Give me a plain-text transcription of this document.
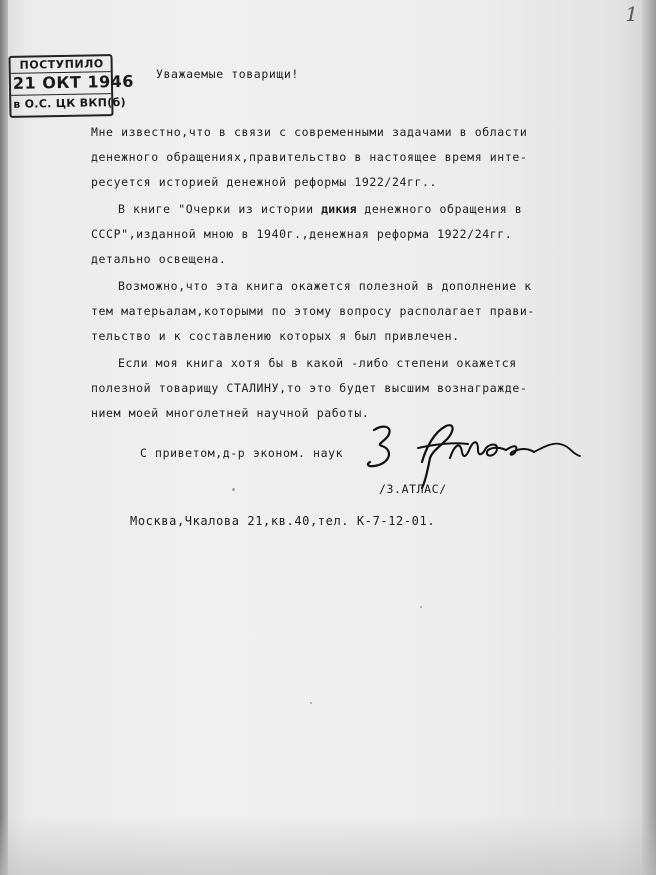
1
ПОСТУПИЛО
21 ОКТ 1946
в О.С. ЦК ВКП(б)
Уважаемые товарищи!
Мне известно,что в связи с современными задачами в области
денежного обращениях,правительство в настоящее время инте-
ресуется историей денежной реформы 1922/24гг..
В книге "Очерки из истории дикия денежного обращения в
СССР",изданной мною в 1940г.,денежная реформа 1922/24гг.
детально освещена.
Возможно,что эта книга окажется полезной в дополнение к
тем матерьалам,которыми по этому вопросу располагает прави-
тельство и к составлению которых я был привлечен.
Если моя книга хотя бы в какой -либо степени окажется
полезной товарищу СТАЛИНУ,то это будет высшим вознагражде-
нием моей многолетней научной работы.
С приветом,д-р эконом. наук
/З.АТЛАС/
Москва,Чкалова 21,кв.40,тел. К-7-12-01.
